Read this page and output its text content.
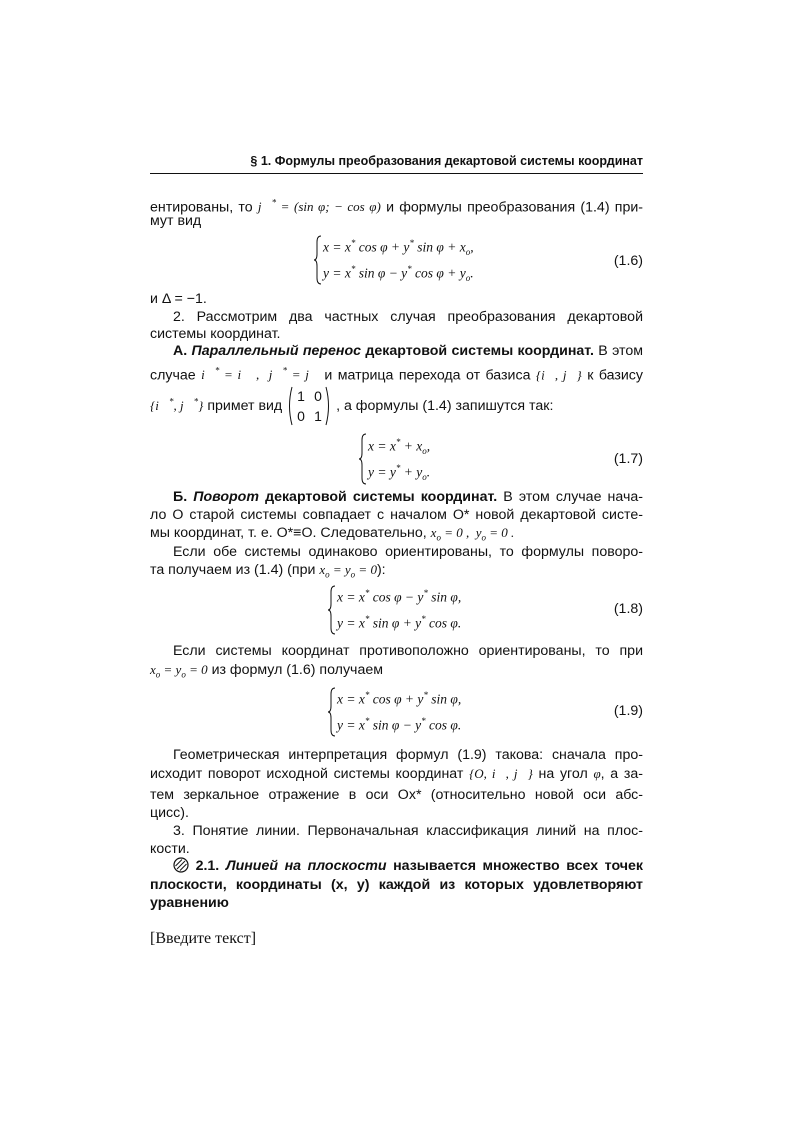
§ 1. Формулы преобразования декартовой системы координат
ентированы, то j⃗* = (sin φ; − cos φ) и формулы преобразования (1.4) при-
мут вид
x = x* cos φ + y* $\sin \varphi + x_o$,
y = x* sin φ − y* $\cos \varphi + y_o$.
(1.6)
и Δ = −1.
2. Рассмотрим два частных случая преобразования декартовой
системы координат.
А. Параллельный перенос декартовой системы координат. В этом
случае i⃗* = i⃗ ,  j⃗* = j⃗ и матрица перехода от базиса {i⃗, j⃗} к базису
{i⃗*, j⃗*} примет вид
1 0
0 1
, а формулы (1.4) запишутся так:
$x = x^* + x_o$,
$y = y^* + y_o$.
(1.7)
Б. Поворот декартовой системы координат. В этом случае нача-
ло О старой системы совпадает с началом О* новой декартовой систе-
мы координат, т. е. О*≡О. Следовательно, $x_o = 0$ ,  $y_o = 0$ .
Если обе системы одинаково ориентированы, то формулы поворо-
та получаем из (1.4) (при $x_o = y_o = 0$):
x = x* cos φ − y* sin φ,
y = x* sin φ + y* cos φ.
(1.8)
Если системы координат противоположно ориентированы, то при
$x_o = y_o = 0$ из формул (1.6) получаем
x = x* cos φ + y* sin φ,
y = x* sin φ − y* cos φ.
(1.9)
Геометрическая интерпретация формул (1.9) такова: сначала про-
исходит поворот исходной системы координат {O, i⃗, j⃗} на угол φ, а за-
тем зеркальное отражение в оси Ox* (относительно новой оси абс-
цисс).
3. Понятие линии. Первоначальная классификация линий на плос-
кости.
2.1. Линией на плоскости называется множество всех точек
плоскости, координаты (x, y) каждой из которых удовлетворяют
уравнению
[Введите текст]
